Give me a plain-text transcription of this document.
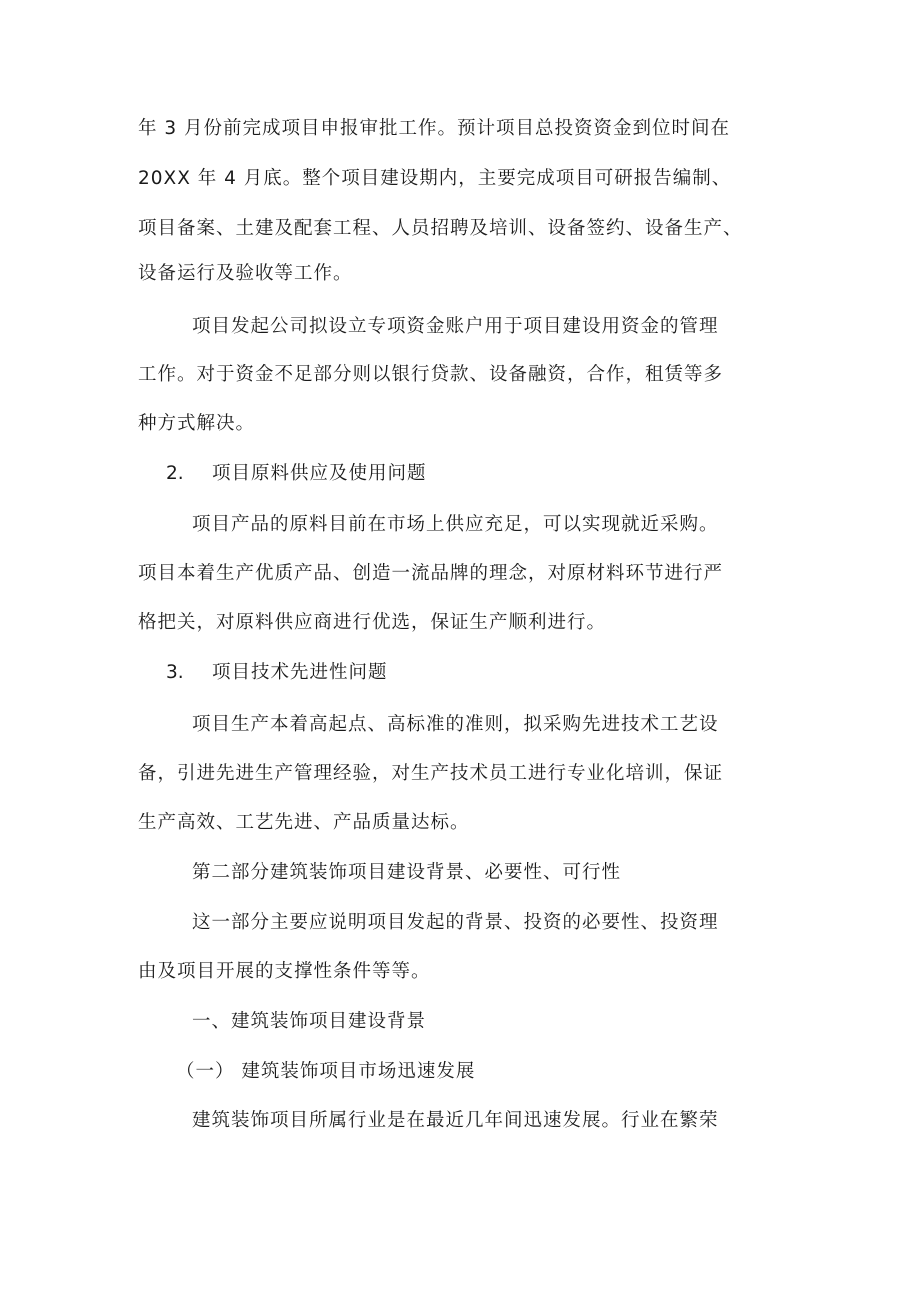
年 3 月份前完成项目申报审批工作。预计项目总投资资金到位时间在
20XX 年 4 月底。整个项目建设期内，主要完成项目可研报告编制、
项目备案、土建及配套工程、人员招聘及培训、设备签约、设备生产、
设备运行及验收等工作。
项目发起公司拟设立专项资金账户用于项目建设用资金的管理
工作。对于资金不足部分则以银行贷款、设备融资，合作，租赁等多
种方式解决。
2. 项目原料供应及使用问题
项目产品的原料目前在市场上供应充足，可以实现就近采购。
项目本着生产优质产品、创造一流品牌的理念，对原材料环节进行严
格把关，对原料供应商进行优选，保证生产顺利进行。
3. 项目技术先进性问题
项目生产本着高起点、高标准的准则，拟采购先进技术工艺设
备，引进先进生产管理经验，对生产技术员工进行专业化培训，保证
生产高效、工艺先进、产品质量达标。
第二部分建筑装饰项目建设背景、必要性、可行性
这一部分主要应说明项目发起的背景、投资的必要性、投资理
由及项目开展的支撑性条件等等。
一、建筑装饰项目建设背景
（一） 建筑装饰项目市场迅速发展
建筑装饰项目所属行业是在最近几年间迅速发展。行业在繁荣
